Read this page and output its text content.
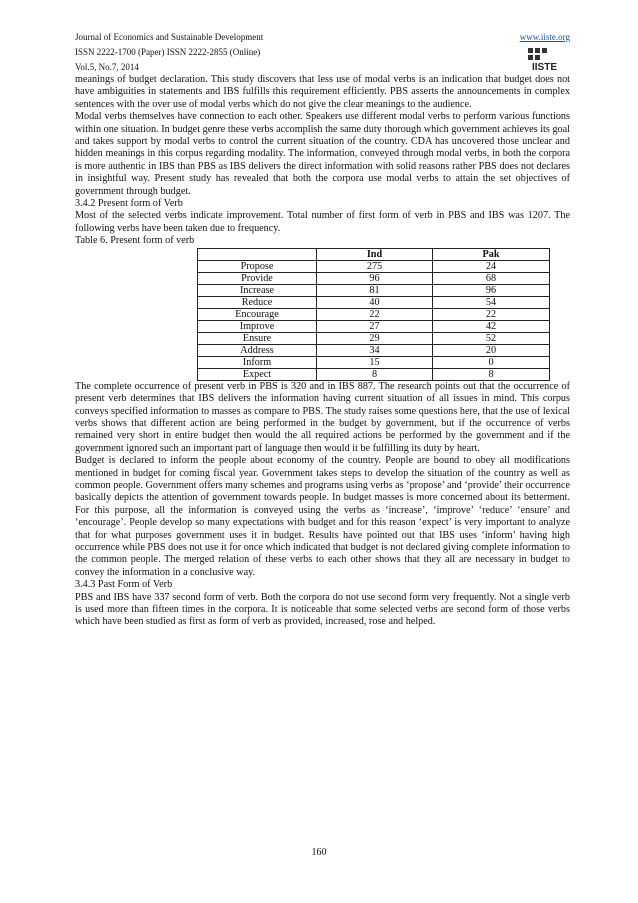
Journal of Economics and Sustainable Development
ISSN 2222-1700 (Paper) ISSN 2222-2855 (Online)
Vol.5, No.7, 2014
www.iiste.org
IISTE

meanings of budget declaration. This study discovers that less use of modal verbs is an indication that budget does not have ambiguities in statements and IBS fulfills this requirement efficiently. PBS asserts the announcements in complex sentences with the over use of modal verbs which do not give the clear meanings to the audience.

Modal verbs themselves have connection to each other. Speakers use different modal verbs to perform various functions within one situation. In budget genre these verbs accomplish the same duty thorough which government achieves its goal and takes support by modal verbs to control the current situation of the country. CDA has uncovered those unclear and hidden meanings in this corpus regarding modality. The information, conveyed through modal verbs, in both the corpora is more authentic in IBS than PBS as IBS delivers the direct information with solid reasons rather PBS does not declares in insightful way. Present study has revealed that both the corpora use modal verbs to attain the set objectives of government through budget.

3.4.2 Present form of Verb

Most of the selected verbs indicate improvement. Total number of first form of verb in PBS and IBS was 1207. The following verbs have been taken due to frequency.

Table 6. Present form of verb

	Ind	Pak
Propose	275	24
Provide	96	68
Increase	81	96
Reduce	40	54
Encourage	22	22
Improve	27	42
Ensure	29	52
Address	34	20
Inform	15	0
Expect	8	8

The complete occurrence of present verb in PBS is 320 and in IBS 887. The research points out that the occurrence of present verb determines that IBS delivers the information having current situation of all issues in mind. This corpus conveys specified information to masses as compare to PBS. The study raises some questions here, that the use of lexical verbs shows that different action are being performed in the budget by government, but if the occurrence of verbs remained very short in entire budget then would the all required actions be performed by the government and if the government ignored such an important part of language then would it be fulfilling its duty by heart.

Budget is declared to inform the people about economy of the country. People are bound to obey all modifications mentioned in budget for coming fiscal year. Government takes steps to develop the situation of the country as well as common people. Government offers many schemes and programs using verbs as ‘propose’ and ‘provide’ their occurrence basically depicts the attention of government towards people. In budget masses is more concerned about its betterment. For this purpose, all the information is conveyed using the verbs as ‘increase’, ‘improve’ ‘reduce’ ‘ensure’ and ‘encourage’. People develop so many expectations with budget and for this reason ‘expect’ is very important to analyze that for what purposes government uses it in budget. Results have pointed out that IBS uses ‘inform’ having high occurrence while PBS does not use it for once which indicated that budget is not declared giving complete information to the common people. The merged relation of these verbs to each other shows that they all are necessary in budget to convey the information in a conclusive way.

3.4.3 Past Form of Verb

PBS and IBS have 337 second form of verb. Both the corpora do not use second form very frequently. Not a single verb is used more than fifteen times in the corpora. It is noticeable that some selected verbs are second form of those verbs which have been studied as first as form of verb as provided, increased, rose and helped.

160
